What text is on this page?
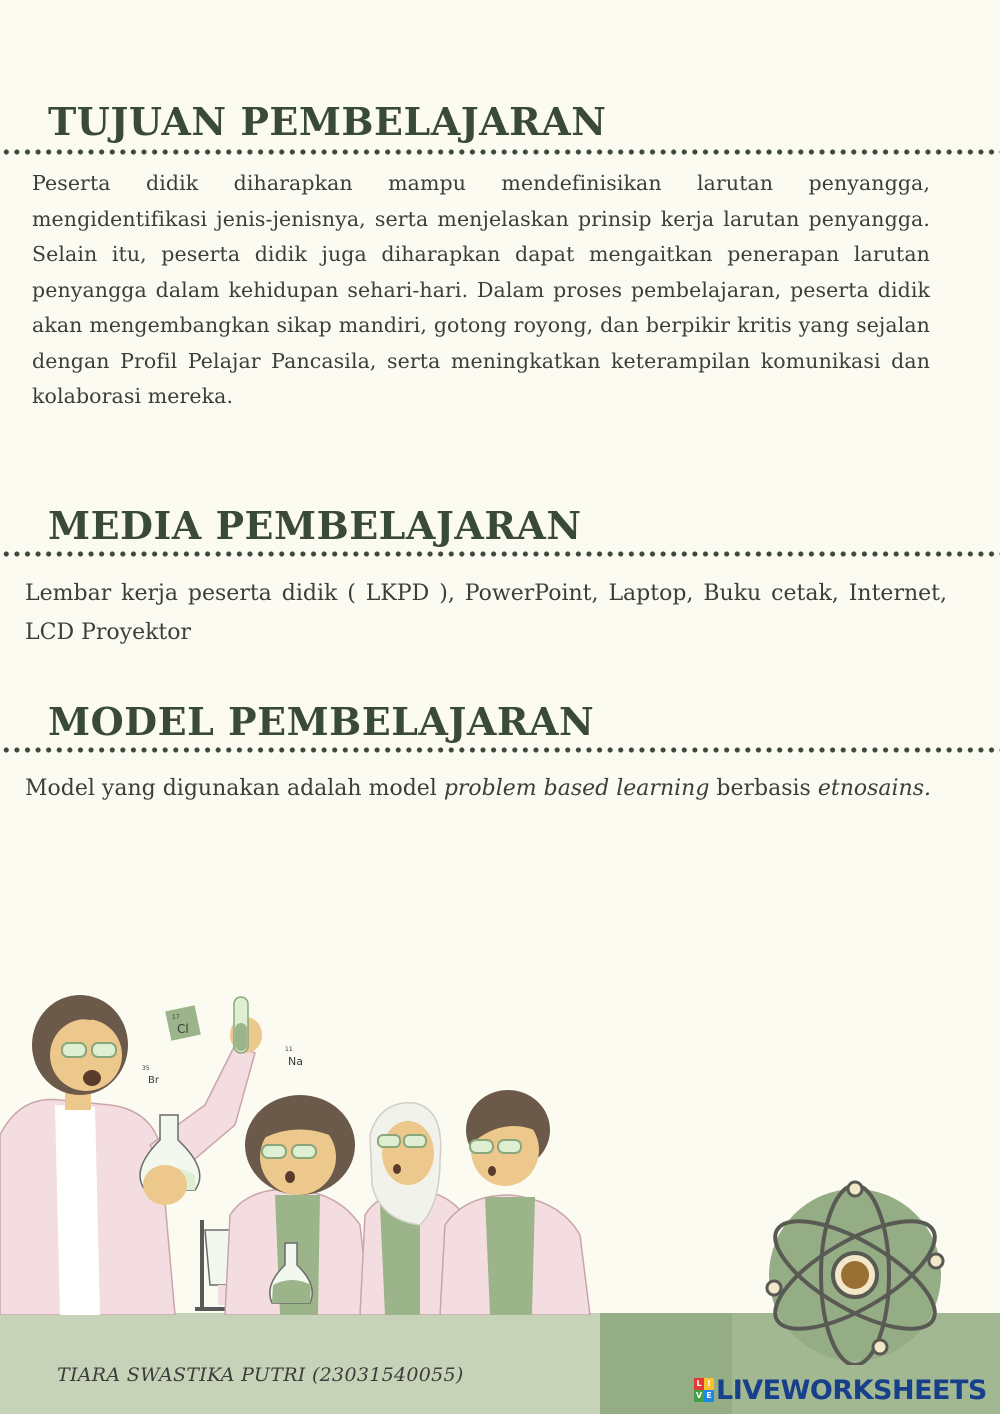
TUJUAN PEMBELAJARAN

Peserta didik diharapkan mampu mendefinisikan larutan penyangga, mengidentifikasi jenis-jenisnya, serta menjelaskan prinsip kerja larutan penyangga. Selain itu, peserta didik juga diharapkan dapat mengaitkan penerapan larutan penyangga dalam kehidupan sehari-hari. Dalam proses pembelajaran, peserta didik akan mengembangkan sikap mandiri, gotong royong, dan berpikir kritis yang sejalan dengan Profil Pelajar Pancasila, serta meningkatkan keterampilan komunikasi dan kolaborasi mereka.

MEDIA PEMBELAJARAN

Lembar kerja peserta didik ( LKPD ), PowerPoint, Laptop, Buku cetak, Internet, LCD Proyektor

MODEL PEMBELAJARAN

Model yang digunakan adalah model problem based learning berbasis etnosains.

17
Cl
35
Br
11
Na

TIARA SWASTIKA PUTRI (23031540055)	L I
V E LIVEWORKSHEETS
